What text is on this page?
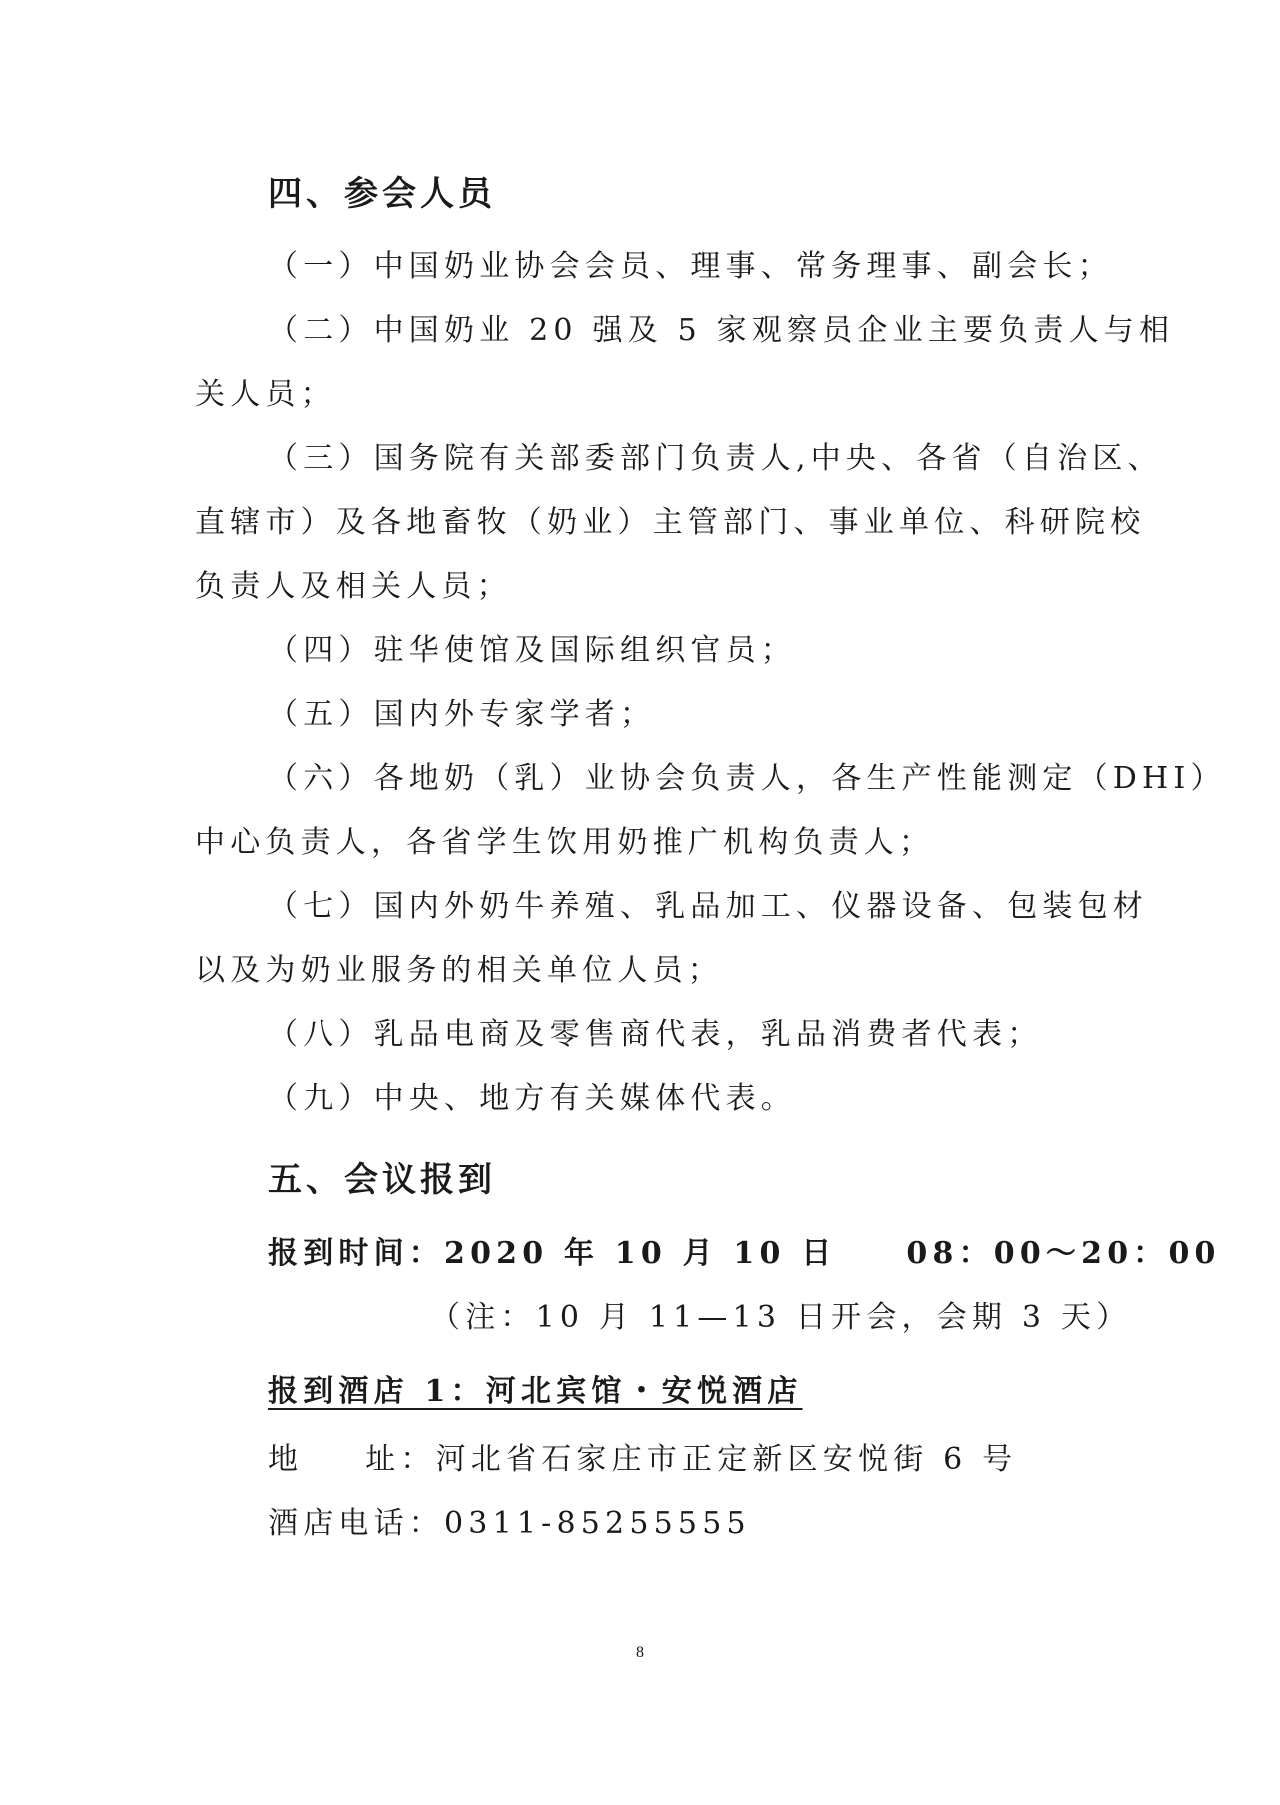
四、参会人员
（一）中国奶业协会会员、理事、常务理事、副会长；
（二）中国奶业 20 强及 5 家观察员企业主要负责人与相
关人员；
（三）国务院有关部委部门负责人,中央、各省（自治区、
直辖市）及各地畜牧（奶业）主管部门、事业单位、科研院校
负责人及相关人员；
（四）驻华使馆及国际组织官员；
（五）国内外专家学者；
（六）各地奶（乳）业协会负责人，各生产性能测定（DHI）
中心负责人，各省学生饮用奶推广机构负责人；
（七）国内外奶牛养殖、乳品加工、仪器设备、包装包材
以及为奶业服务的相关单位人员；
（八）乳品电商及零售商代表，乳品消费者代表；
（九）中央、地方有关媒体代表。
五、会议报到
报到时间：2020 年 10 月 10 日 08：00～20：00
（注：10 月 11—13 日开会，会期 3 天）
报到酒店 1：河北宾馆・安悦酒店
地 址：河北省石家庄市正定新区安悦街 6 号
酒店电话：0311-85255555
8
